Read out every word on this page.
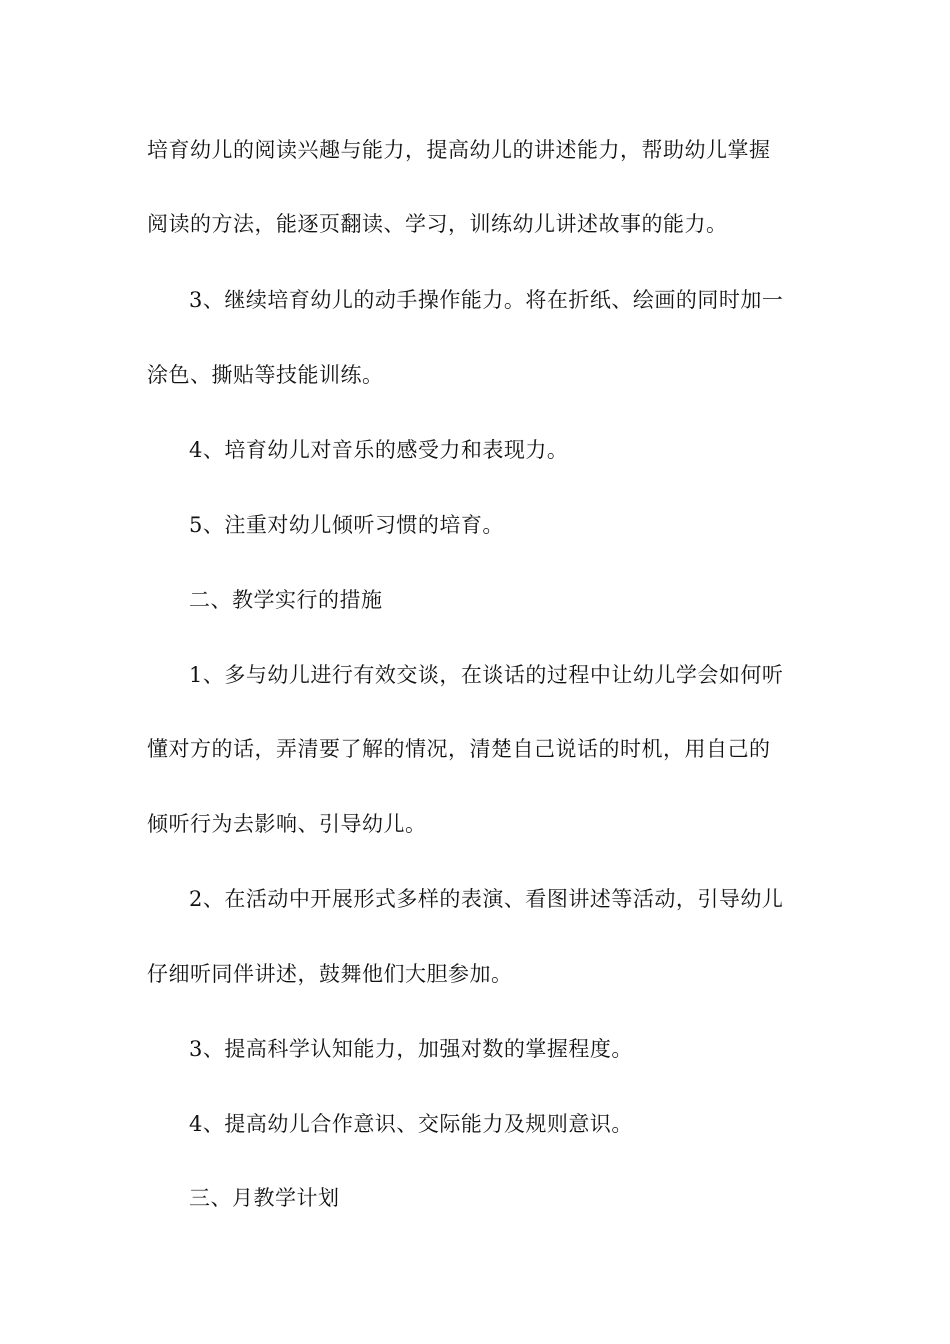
培育幼儿的阅读兴趣与能力，提高幼儿的讲述能力，帮助幼儿掌握
阅读的方法，能逐页翻读、学习，训练幼儿讲述故事的能力。
3、继续培育幼儿的动手操作能力。将在折纸、绘画的同时加一
涂色、撕贴等技能训练。
4、培育幼儿对音乐的感受力和表现力。
5、注重对幼儿倾听习惯的培育。
二、教学实行的措施
1、多与幼儿进行有效交谈，在谈话的过程中让幼儿学会如何听
懂对方的话，弄清要了解的情况，清楚自己说话的时机，用自己的
倾听行为去影响、引导幼儿。
2、在活动中开展形式多样的表演、看图讲述等活动，引导幼儿
仔细听同伴讲述，鼓舞他们大胆参加。
3、提高科学认知能力，加强对数的掌握程度。
4、提高幼儿合作意识、交际能力及规则意识。
三、月教学计划
